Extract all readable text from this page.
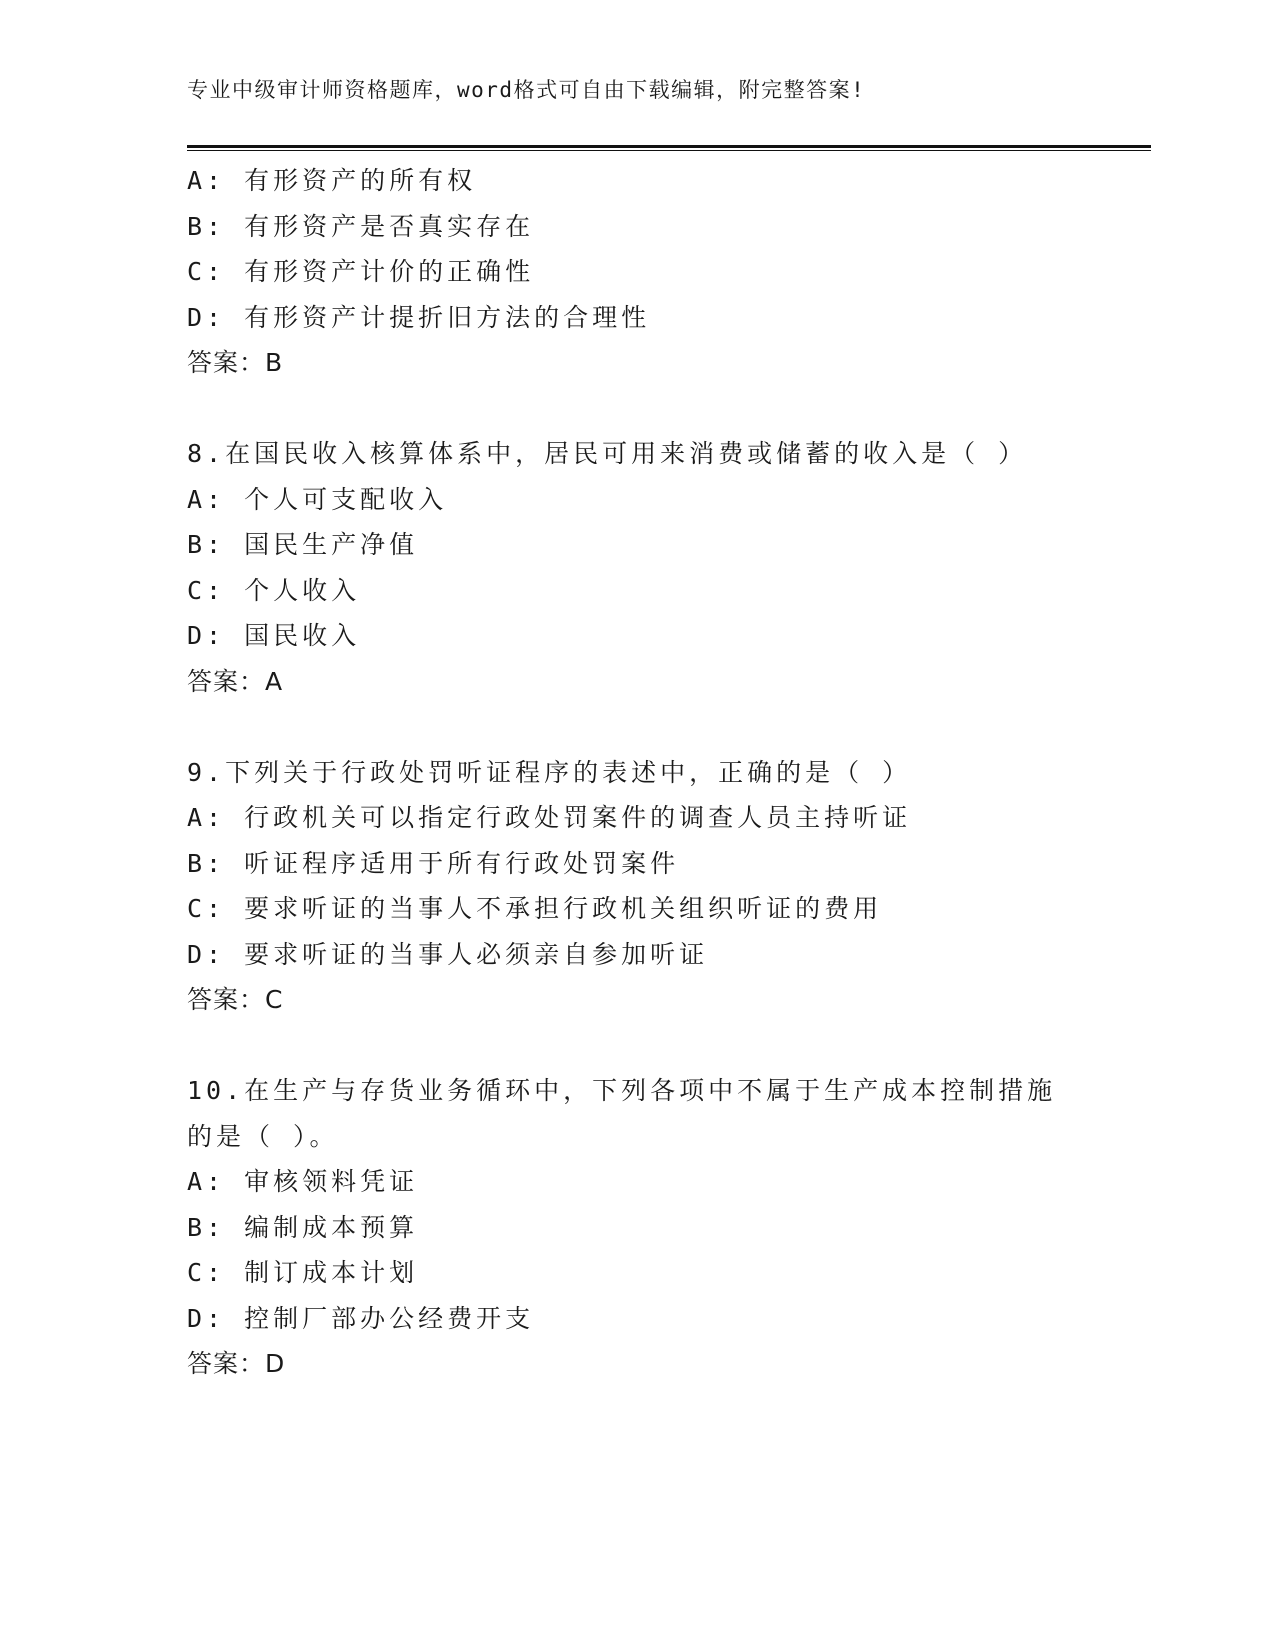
专业中级审计师资格题库，word格式可自由下载编辑，附完整答案!
A: 有形资产的所有权
B: 有形资产是否真实存在
C: 有形资产计价的正确性
D: 有形资产计提折旧方法的合理性
答案：B
8.在国民收入核算体系中，居民可用来消费或储蓄的收入是（ ）
A: 个人可支配收入
B: 国民生产净值
C: 个人收入
D: 国民收入
答案：A
9.下列关于行政处罚听证程序的表述中，正确的是（ ）
A: 行政机关可以指定行政处罚案件的调查人员主持听证
B: 听证程序适用于所有行政处罚案件
C: 要求听证的当事人不承担行政机关组织听证的费用
D: 要求听证的当事人必须亲自参加听证
答案：C
10.在生产与存货业务循环中，下列各项中不属于生产成本控制措施的是（ ）。
A: 审核领料凭证
B: 编制成本预算
C: 制订成本计划
D: 控制厂部办公经费开支
答案：D
